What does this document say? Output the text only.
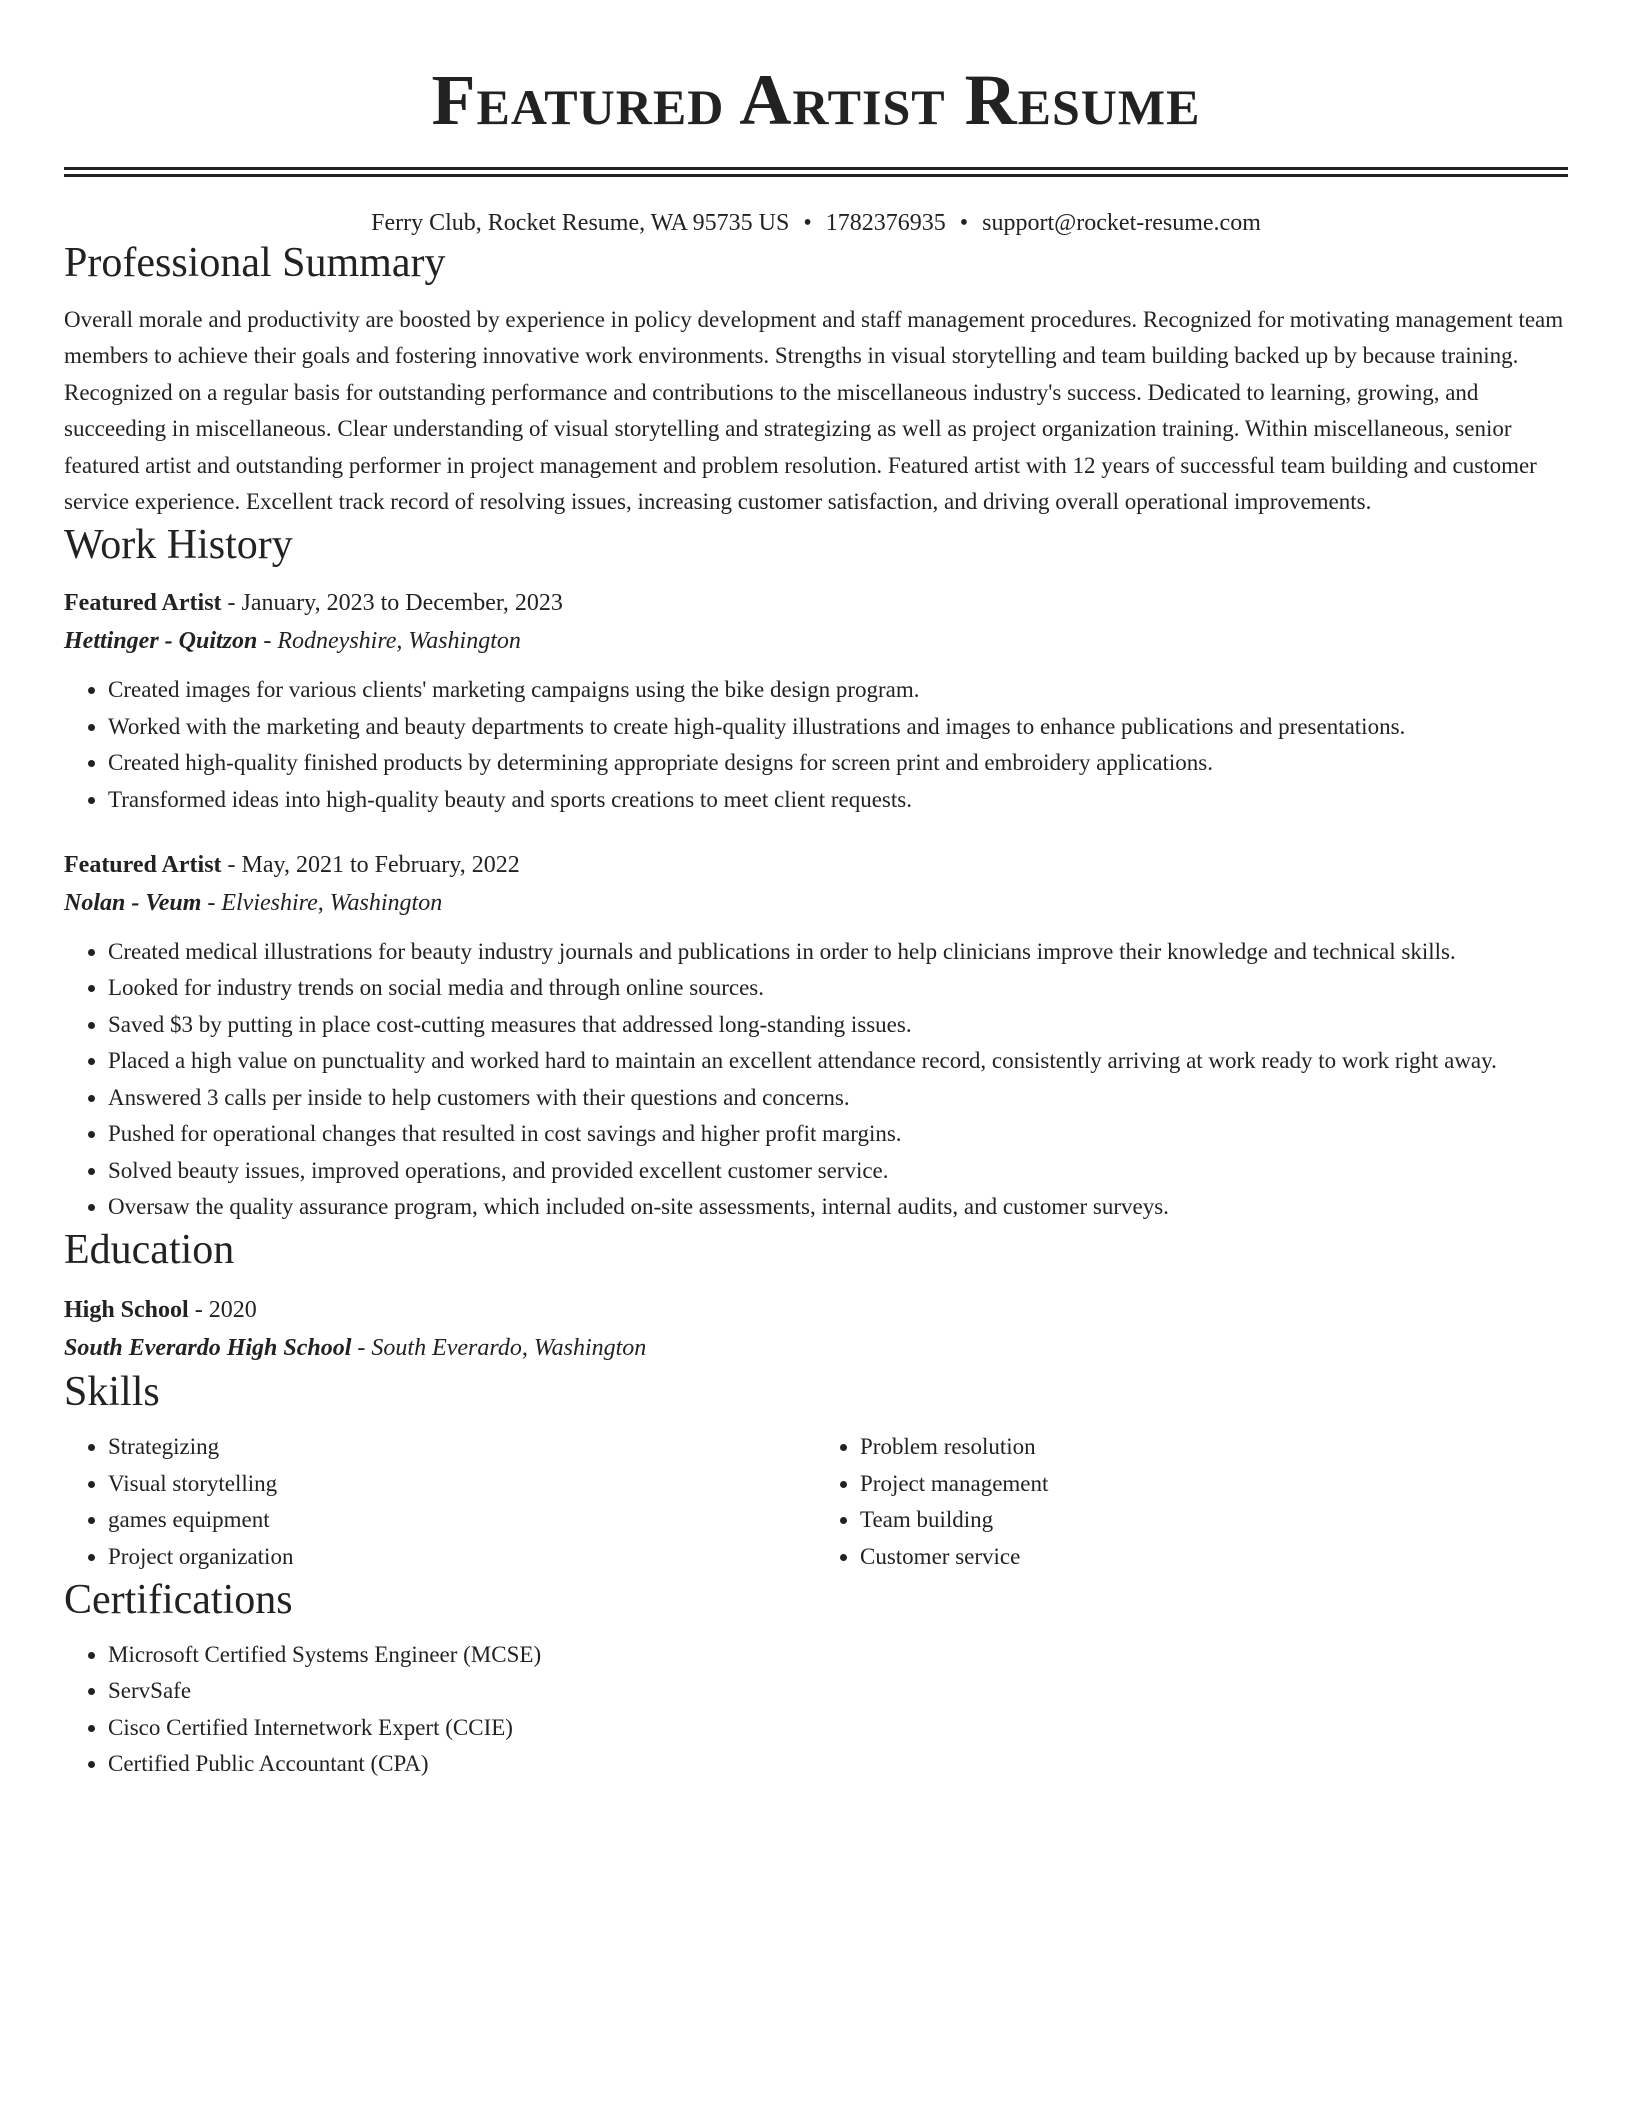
Featured Artist Resume
Ferry Club, Rocket Resume, WA 95735 US • 1782376935 • support@rocket-resume.com
Professional Summary

Overall morale and productivity are boosted by experience in policy development and staff management procedures. Recognized for motivating management team members to achieve their goals and fostering innovative work environments. Strengths in visual storytelling and team building backed up by because training. Recognized on a regular basis for outstanding performance and contributions to the miscellaneous industry's success. Dedicated to learning, growing, and succeeding in miscellaneous. Clear understanding of visual storytelling and strategizing as well as project organization training. Within miscellaneous, senior featured artist and outstanding performer in project management and problem resolution. Featured artist with 12 years of successful team building and customer service experience. Excellent track record of resolving issues, increasing customer satisfaction, and driving overall operational improvements.

Work History
Featured Artist - January, 2023 to December, 2023
Hettinger - Quitzon - Rodneyshire, Washington
• Created images for various clients' marketing campaigns using the bike design program.
• Worked with the marketing and beauty departments to create high-quality illustrations and images to enhance publications and presentations.
• Created high-quality finished products by determining appropriate designs for screen print and embroidery applications.
• Transformed ideas into high-quality beauty and sports creations to meet client requests.
Featured Artist - May, 2021 to February, 2022
Nolan - Veum - Elvieshire, Washington
• Created medical illustrations for beauty industry journals and publications in order to help clinicians improve their knowledge and technical skills.
• Looked for industry trends on social media and through online sources.
• Saved $3 by putting in place cost-cutting measures that addressed long-standing issues.
• Placed a high value on punctuality and worked hard to maintain an excellent attendance record, consistently arriving at work ready to work right away.
• Answered 3 calls per inside to help customers with their questions and concerns.
• Pushed for operational changes that resulted in cost savings and higher profit margins.
• Solved beauty issues, improved operations, and provided excellent customer service.
• Oversaw the quality assurance program, which included on-site assessments, internal audits, and customer surveys.
Education
High School - 2020
South Everardo High School - South Everardo, Washington
Skills
• Strategizing
• Visual storytelling
• games equipment
• Project organization
• Problem resolution
• Project management
• Team building
• Customer service
Certifications
• Microsoft Certified Systems Engineer (MCSE)
• ServSafe
• Cisco Certified Internetwork Expert (CCIE)
• Certified Public Accountant (CPA)
